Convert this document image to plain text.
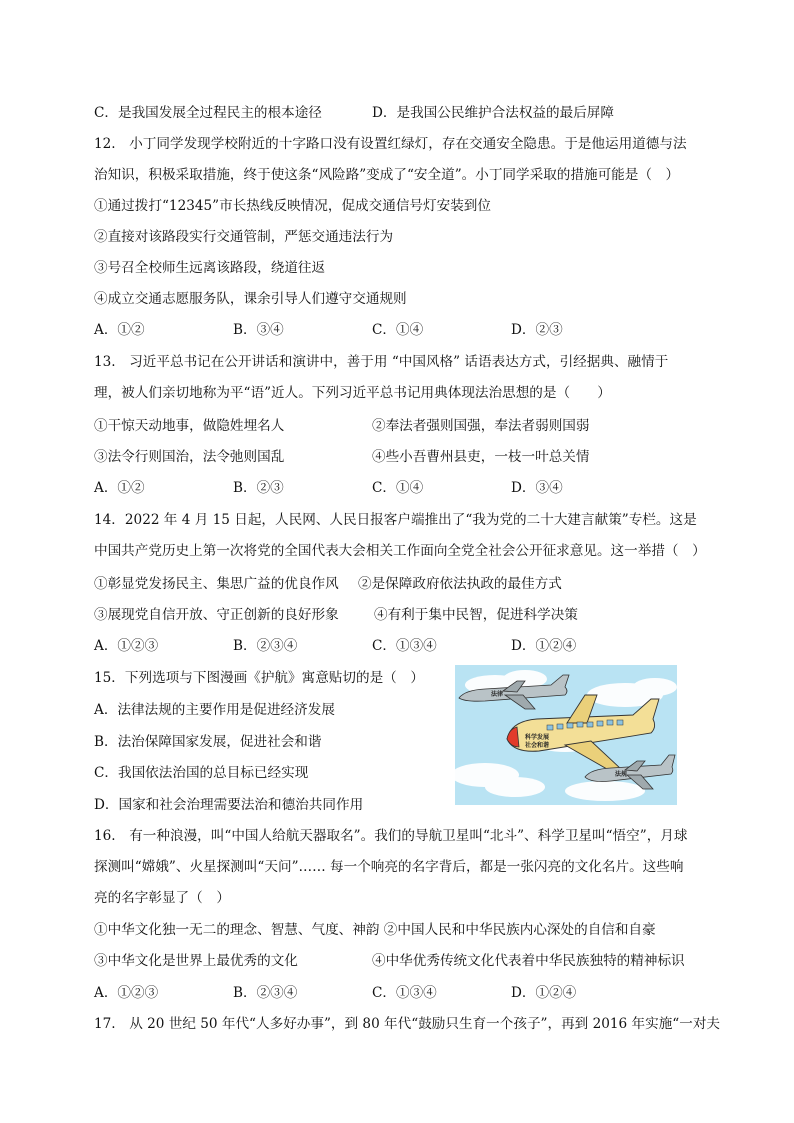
C．是我国发展全过程民主的根本途径	D．是我国公民维护合法权益的最后屏障
12.　小丁同学发现学校附近的十字路口没有设置红绿灯，存在交通安全隐患。于是他运用道德与法
治知识，积极采取措施，终于使这条“风险路”变成了“安全道”。小丁同学采取的措施可能是（　）
①通过拨打“12345”市长热线反映情况，促成交通信号灯安装到位
②直接对该路段实行交通管制，严惩交通违法行为
③号召全校师生远离该路段，绕道往返
④成立交通志愿服务队，课余引导人们遵守交通规则
A．①②	B．③④	C．①④	D．②③
13.　习近平总书记在公开讲话和演讲中，善于用 “中国风格” 话语表达方式，引经据典、融情于
理，被人们亲切地称为平“语”近人。下列习近平总书记用典体现法治思想的是（　　）
①干惊天动地事，做隐姓埋名人	②奉法者强则国强，奉法者弱则国弱
③法令行则国治，法令弛则国乱	④些小吾曹州县吏，一枝一叶总关情
A．①②	B．②③	C．①④	D．③④
14．2022 年 4 月 15 日起，人民网、人民日报客户端推出了“我为党的二十大建言献策”专栏。这是
中国共产党历史上第一次将党的全国代表大会相关工作面向全党全社会公开征求意见。这一举措（　）
①彰显党发扬民主、集思广益的优良作风 ②是保障政府依法执政的最佳方式
③展现党自信开放、守正创新的良好形象	④有利于集中民智，促进科学决策
A．①②③	B．②③④	C．①③④	D．①②④
15．下列选项与下图漫画《护航》寓意贴切的是（　）
A．法律法规的主要作用是促进经济发展
B．法治保障国家发展，促进社会和谐
C．我国依法治国的总目标已经实现
D．国家和社会治理需要法治和德治共同作用
法律
科学发展
社会和谐
法规
16.　有一种浪漫，叫“中国人给航天器取名”。我们的导航卫星叫“北斗”、科学卫星叫“悟空”，月球
探测叫“嫦娥”、火星探测叫“天问”…… 每一个响亮的名字背后，都是一张闪亮的文化名片。这些响
亮的名字彰显了（　）
①中华文化独一无二的理念、智慧、气度、神韵 ②中国人民和中华民族内心深处的自信和自豪
③中华文化是世界上最优秀的文化	④中华优秀传统文化代表着中华民族独特的精神标识
A．①②③	B．②③④	C．①③④	D．①②④
17.　从 20 世纪 50 年代“人多好办事”，到 80 年代“鼓励只生育一个孩子”，再到 2016 年实施“一对夫
